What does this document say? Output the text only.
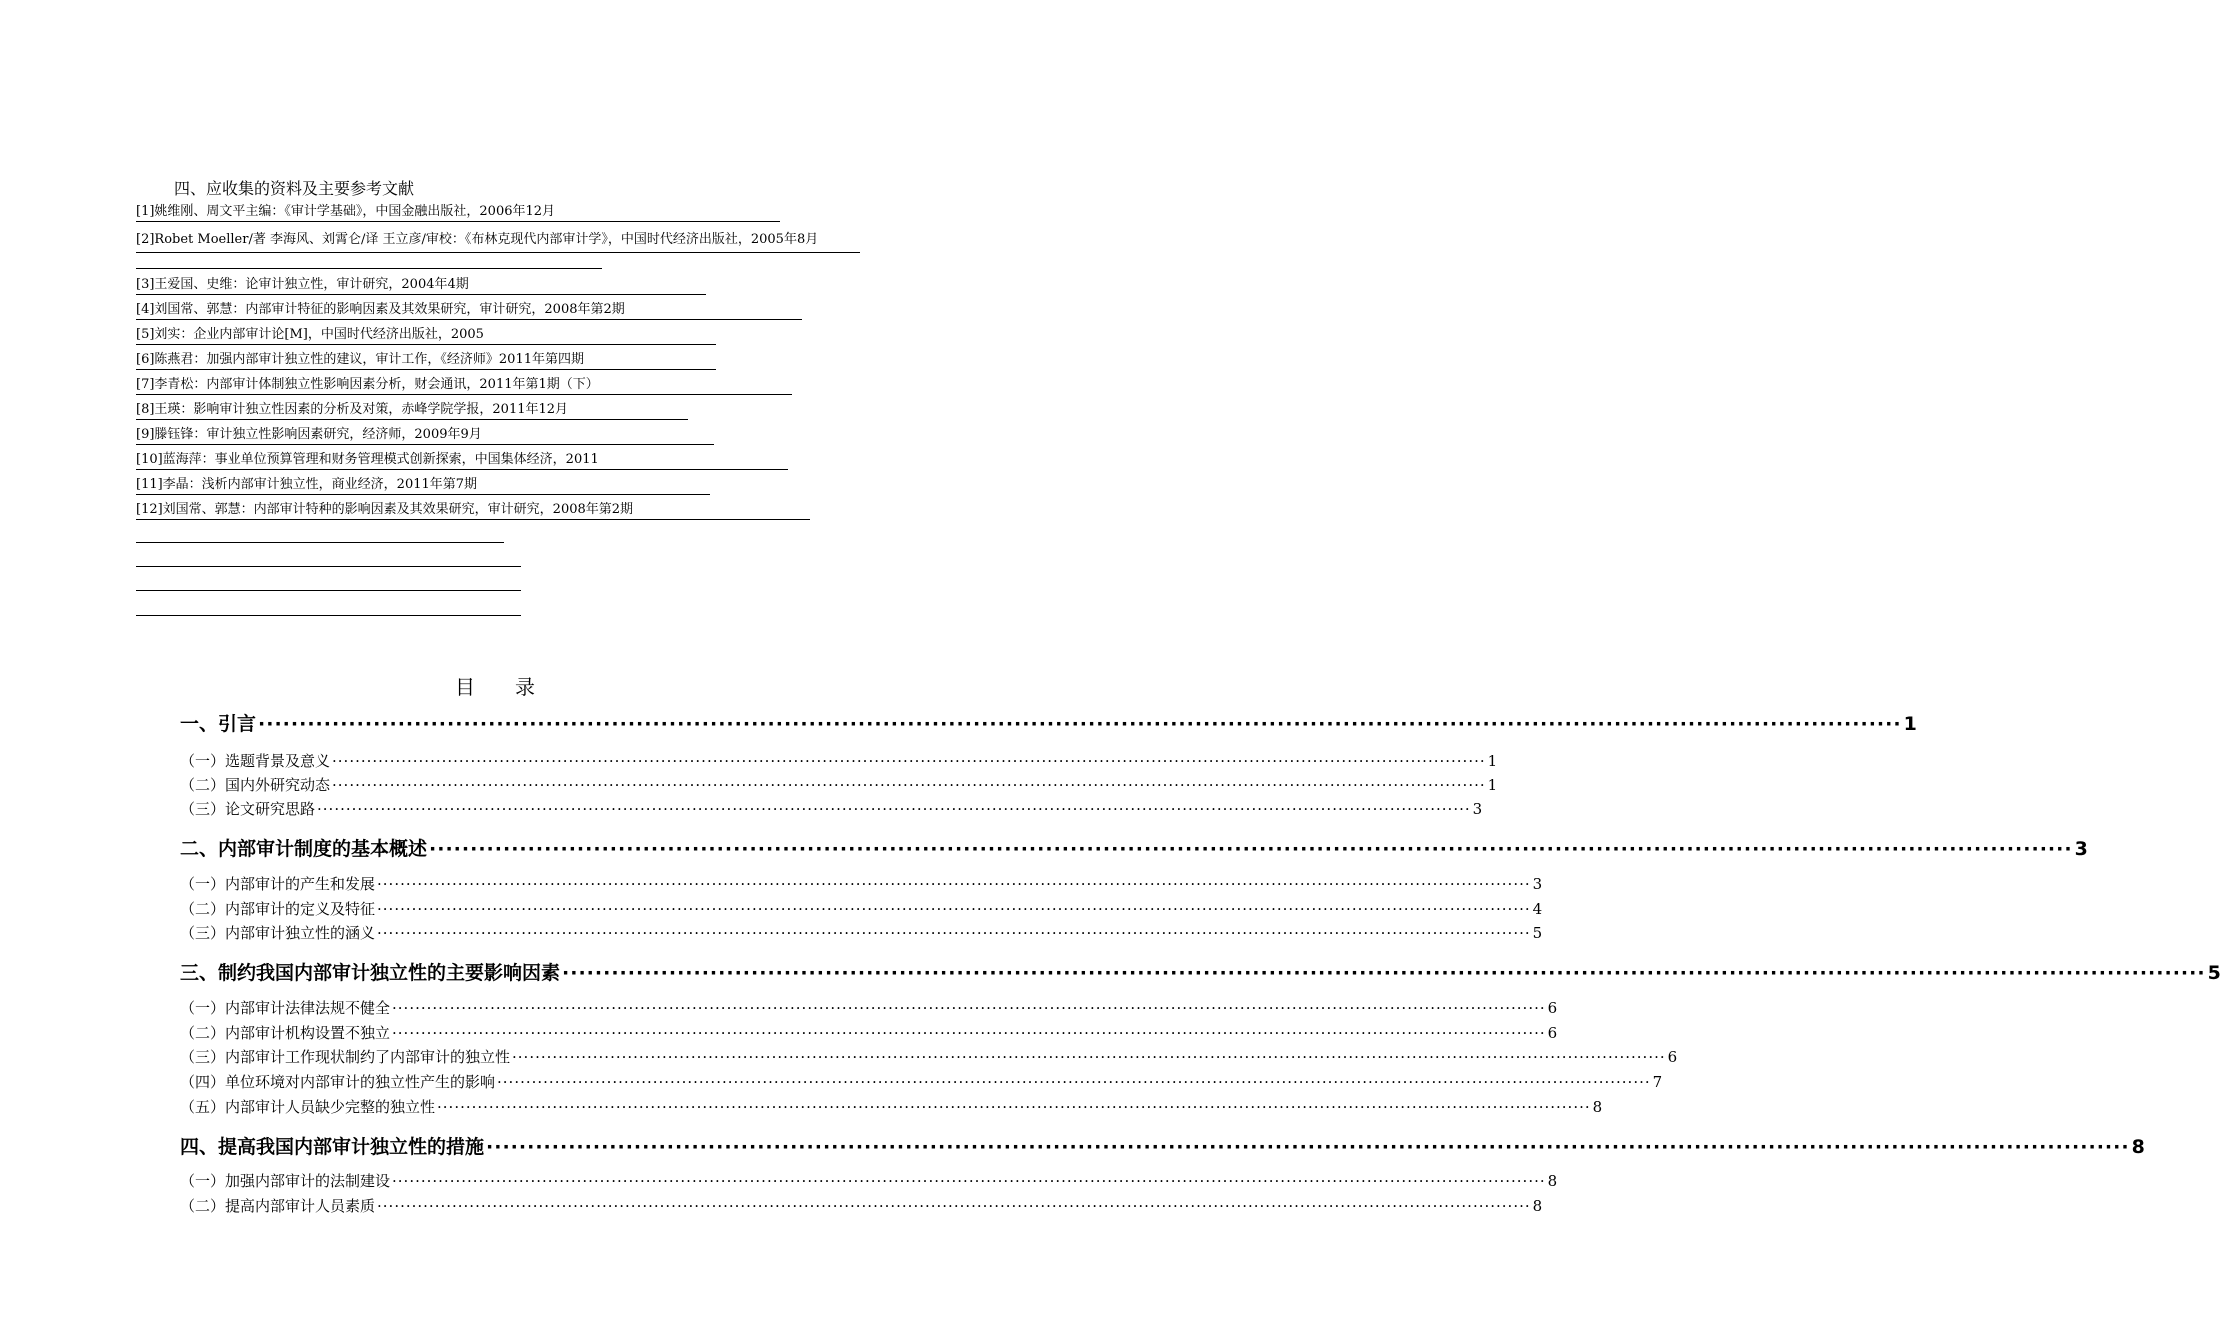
四、应收集的资料及主要参考文献
[1]姚维刚、周文平主编：《审计学基础》，中国金融出版社，2006年12月
[2]Robet Moeller/著 李海风、刘霄仑/译 王立彦/审校：《布林克现代内部审计学》，中国时代经济出版社，2005年8月
[3]王爱国、史维：论审计独立性，审计研究，2004年4期
[4]刘国常、郭慧：内部审计特征的影响因素及其效果研究，审计研究，2008年第2期
[5]刘实：企业内部审计论[M]，中国时代经济出版社，2005
[6]陈燕君：加强内部审计独立性的建议，审计工作，《经济师》2011年第四期
[7]李青松：内部审计体制独立性影响因素分析，财会通讯，2011年第1期（下）
[8]王瑛：影响审计独立性因素的分析及对策，赤峰学院学报，2011年12月
[9]滕钰锋：审计独立性影响因素研究，经济师，2009年9月
[10]蓝海萍：事业单位预算管理和财务管理模式创新探索，中国集体经济，2011
[11]李晶：浅析内部审计独立性，商业经济，2011年第7期
[12]刘国常、郭慧：内部审计特种的影响因素及其效果研究，审计研究，2008年第2期
目录
一、引言 ········································································································································································································ 1
（一）选题背景及意义 ········································································································································································································ 1
（二）国内外研究动态 ········································································································································································································ 1
（三）论文研究思路 ········································································································································································································ 3
二、内部审计制度的基本概述 ········································································································································································································ 3
（一）内部审计的产生和发展 ········································································································································································································ 3
（二）内部审计的定义及特征 ········································································································································································································ 4
（三）内部审计独立性的涵义 ········································································································································································································ 5
三、制约我国内部审计独立性的主要影响因素 ········································································································································································································ 5
（一）内部审计法律法规不健全 ········································································································································································································ 6
（二）内部审计机构设置不独立 ········································································································································································································ 6
（三）内部审计工作现状制约了内部审计的独立性 ········································································································································································································ 6
（四）单位环境对内部审计的独立性产生的影响 ········································································································································································································ 7
（五）内部审计人员缺少完整的独立性 ········································································································································································································ 8
四、提高我国内部审计独立性的措施 ········································································································································································································ 8
（一）加强内部审计的法制建设 ········································································································································································································ 8
（二）提高内部审计人员素质 ········································································································································································································ 8
